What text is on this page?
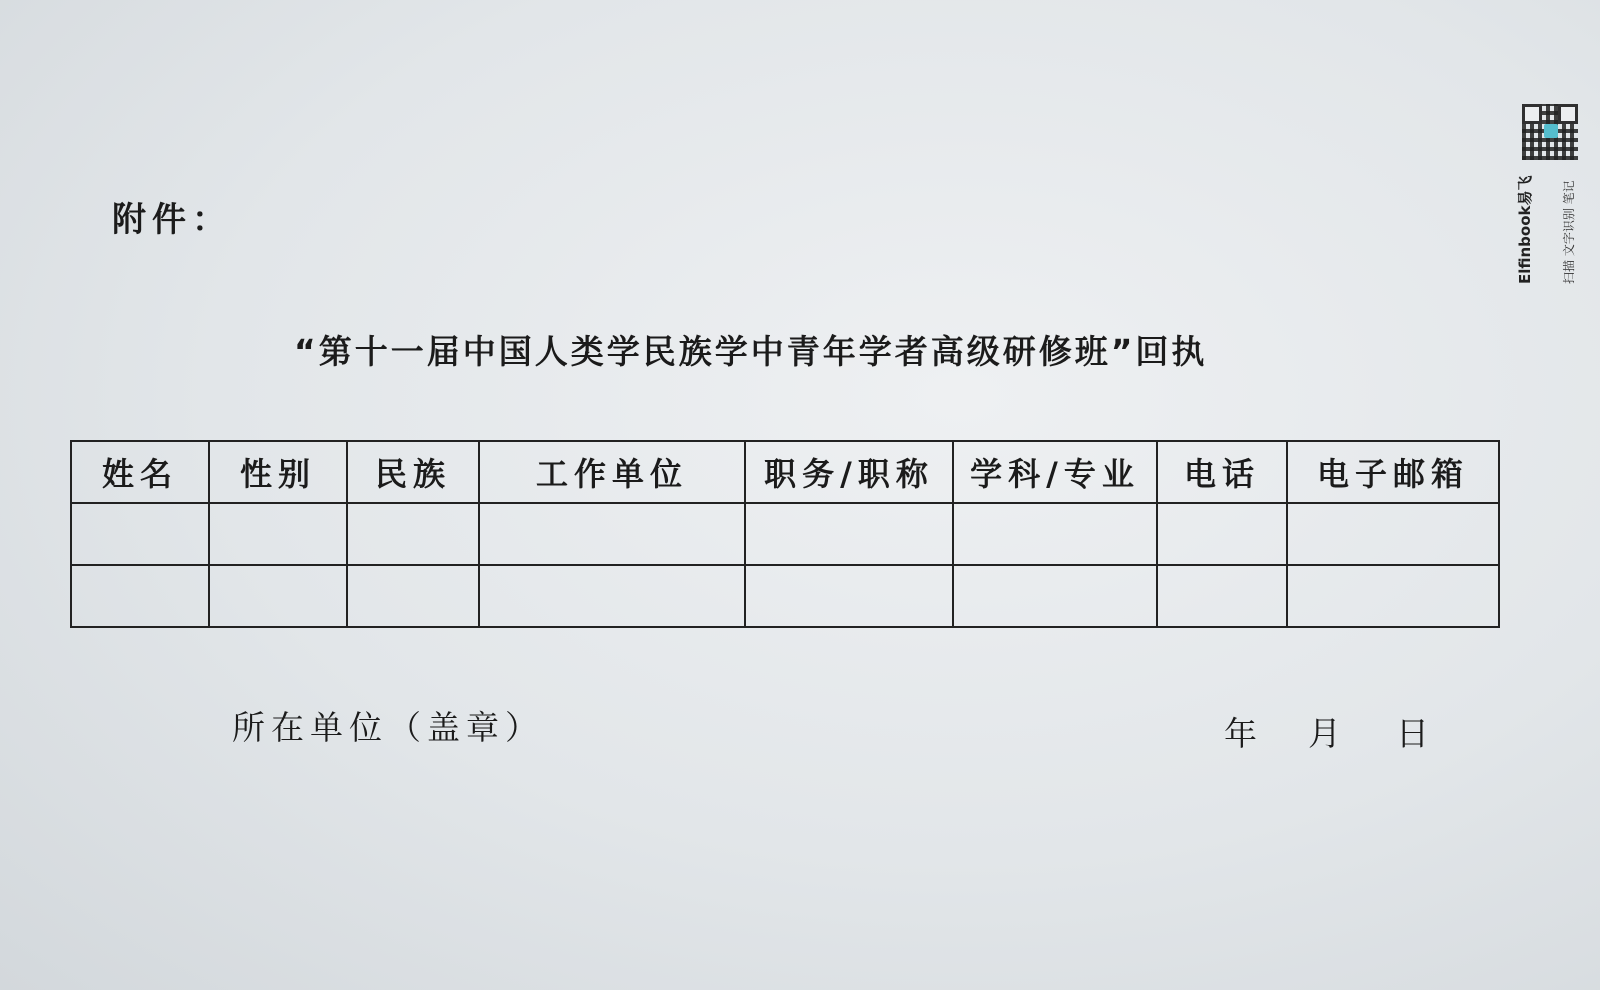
附件：
“第十一届中国人类学民族学中青年学者高级研修班”回执
姓名	性别	民族	工作单位	职务/职称	学科/专业	电话	电子邮箱

所在单位（盖章）	年 月 日
Elfinbook易飞 扫描 文字识别 笔记
